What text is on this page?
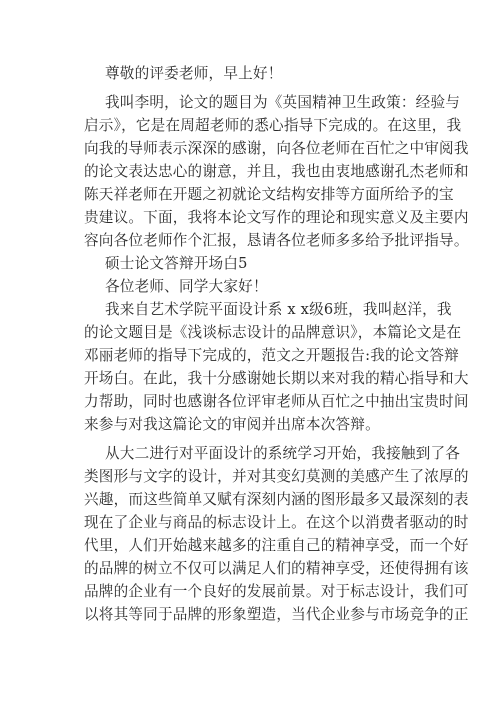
尊敬的评委老师，早上好！
我叫李明，论文的题目为《英国精神卫生政策：经验与
启示》，它是在周超老师的悉心指导下完成的。在这里，我
向我的导师表示深深的感谢，向各位老师在百忙之中审阅我
的论文表达忠心的谢意，并且，我也由衷地感谢孔杰老师和
陈天祥老师在开题之初就论文结构安排等方面所给予的宝
贵建议。下面，我将本论文写作的理论和现实意义及主要内
容向各位老师作个汇报，恳请各位老师多多给予批评指导。
硕士论文答辩开场白5
各位老师、同学大家好！
我来自艺术学院平面设计系 x x级6班，我叫赵洋，我
的论文题目是《浅谈标志设计的品牌意识》，本篇论文是在
邓丽老师的指导下完成的，范文之开题报告:我的论文答辩
开场白。在此，我十分感谢她长期以来对我的精心指导和大
力帮助，同时也感谢各位评审老师从百忙之中抽出宝贵时间
来参与对我这篇论文的审阅并出席本次答辩。
从大二进行对平面设计的系统学习开始，我接触到了各
类图形与文字的设计，并对其变幻莫测的美感产生了浓厚的
兴趣，而这些简单又赋有深刻内涵的图形最多又最深刻的表
现在了企业与商品的标志设计上。在这个以消费者驱动的时
代里，人们开始越来越多的注重自己的精神享受，而一个好
的品牌的树立不仅可以满足人们的精神享受，还使得拥有该
品牌的企业有一个良好的发展前景。对于标志设计，我们可
以将其等同于品牌的形象塑造，当代企业参与市场竞争的正
